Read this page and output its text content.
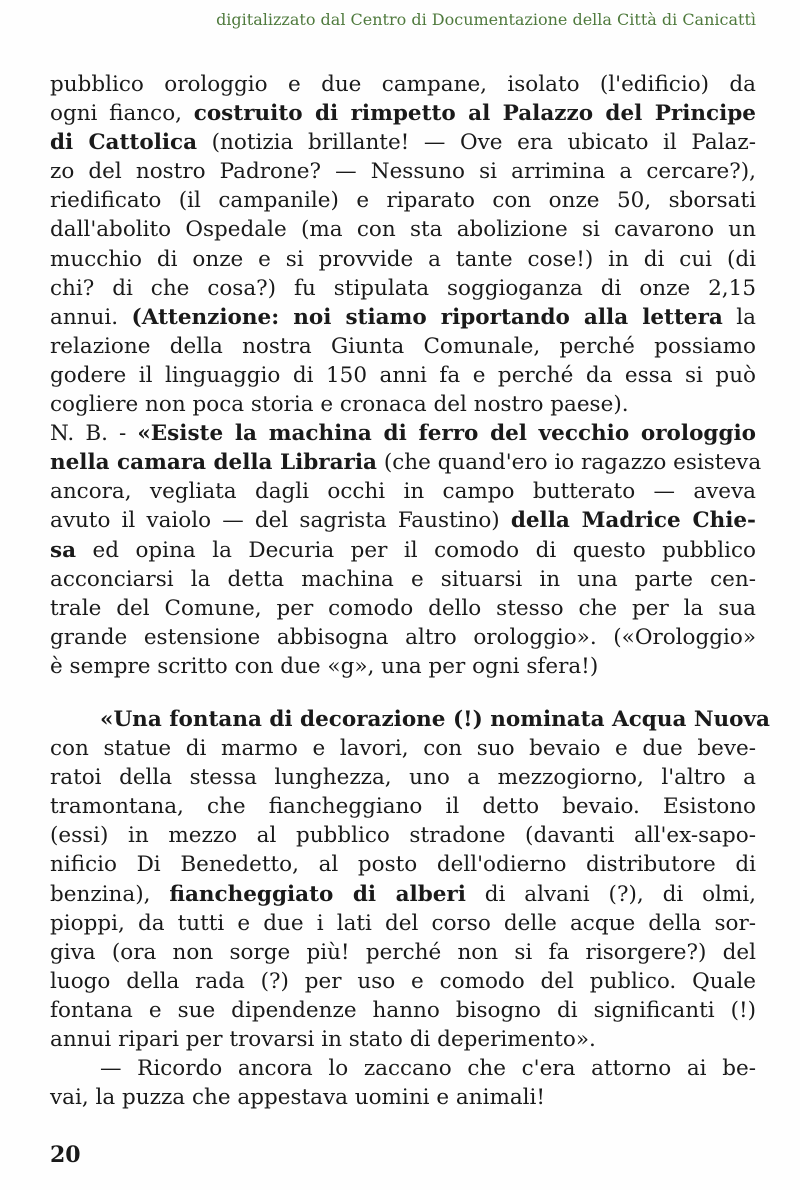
digitalizzato dal Centro di Documentazione della Città di Canicattì
pubblico orologgio e due campane, isolato (l'edificio) da
ogni fianco, costruito di rimpetto al Palazzo del Principe
di Cattolica (notizia brillante! — Ove era ubicato il Palaz-
zo del nostro Padrone? — Nessuno si arrimina a cercare?),
riedificato (il campanile) e riparato con onze 50, sborsati
dall'abolito Ospedale (ma con sta abolizione si cavarono un
mucchio di onze e si provvide a tante cose!) in di cui (di
chi? di che cosa?) fu stipulata soggioganza di onze 2,15
annui. (Attenzione: noi stiamo riportando alla lettera la
relazione della nostra Giunta Comunale, perché possiamo
godere il linguaggio di 150 anni fa e perché da essa si può
cogliere non poca storia e cronaca del nostro paese).
N. B. - «Esiste la machina di ferro del vecchio orologgio
nella camara della Libraria (che quand'ero io ragazzo esisteva
ancora, vegliata dagli occhi in campo butterato — aveva
avuto il vaiolo — del sagrista Faustino) della Madrice Chie-
sa ed opina la Decuria per il comodo di questo pubblico
acconciarsi la detta machina e situarsi in una parte cen-
trale del Comune, per comodo dello stesso che per la sua
grande estensione abbisogna altro orologgio». («Orologgio»
è sempre scritto con due «g», una per ogni sfera!)
«Una fontana di decorazione (!) nominata Acqua Nuova
con statue di marmo e lavori, con suo bevaio e due beve-
ratoi della stessa lunghezza, uno a mezzogiorno, l'altro a
tramontana, che fiancheggiano il detto bevaio. Esistono
(essi) in mezzo al pubblico stradone (davanti all'ex-sapo-
nificio Di Benedetto, al posto dell'odierno distributore di
benzina), fiancheggiato di alberi di alvani (?), di olmi,
pioppi, da tutti e due i lati del corso delle acque della sor-
giva (ora non sorge più! perché non si fa risorgere?) del
luogo della rada (?) per uso e comodo del publico. Quale
fontana e sue dipendenze hanno bisogno di significanti (!)
annui ripari per trovarsi in stato di deperimento».
— Ricordo ancora lo zaccano che c'era attorno ai be-
vai, la puzza che appestava uomini e animali!
20
